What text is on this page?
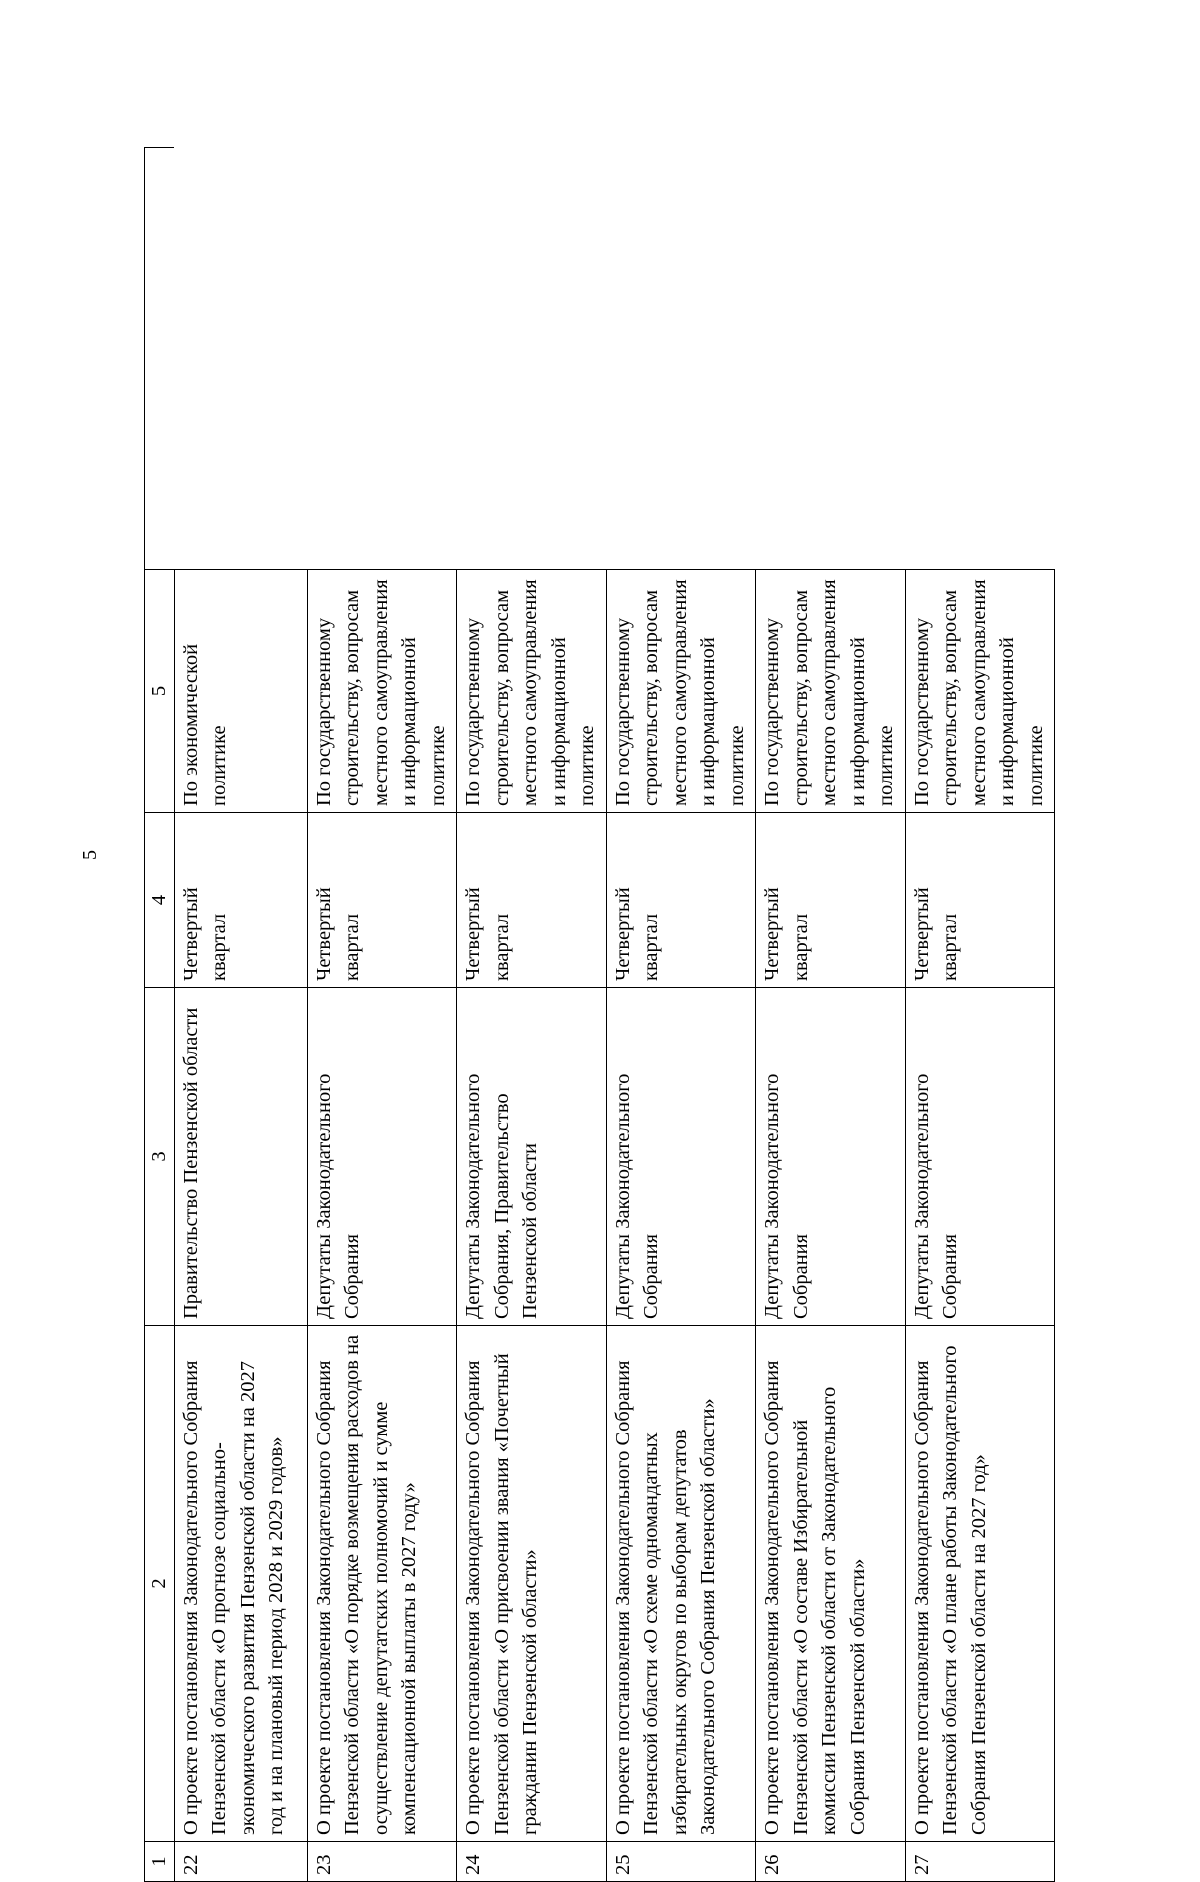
5
1	2	3	4	5	
22	О проекте постановления Законодательного Собрания Пензенской области «О прогнозе социально-экономического развития Пензенской области на 2027 год и на плановый период 2028 и 2029 годов»	Правительство Пензенской области	Четвертый квартал	По экономической политике	
23	О проекте постановления Законодательного Собрания Пензенской области «О порядке возмещения расходов на осуществление депутатских полномочий и сумме компенсационной выплаты в 2027 году»	Депутаты Законодательного Собрания	Четвертый квартал	По государственному строительству, вопросам местного самоуправления и информационной политике	
24	О проекте постановления Законодательного Собрания Пензенской области «О присвоении звания «Почетный гражданин Пензенской области»	Депутаты Законодательного Собрания, Правительство Пензенской области	Четвертый квартал	По государственному строительству, вопросам местного самоуправления и информационной политике	
25	О проекте постановления Законодательного Собрания Пензенской области «О схеме одномандатных избирательных округов по выборам депутатов Законодательного Собрания Пензенской области»	Депутаты Законодательного Собрания	Четвертый квартал	По государственному строительству, вопросам местного самоуправления и информационной политике	
26	О проекте постановления Законодательного Собрания Пензенской области «О составе Избирательной комиссии Пензенской области от Законодательного Собрания Пензенской области»	Депутаты Законодательного Собрания	Четвертый квартал	По государственному строительству, вопросам местного самоуправления и информационной политике	
27	О проекте постановления Законодательного Собрания Пензенской области «О плане работы Законодательного Собрания Пензенской области на 2027 год»	Депутаты Законодательного Собрания	Четвертый квартал	По государственному строительству, вопросам местного самоуправления и информационной политике	
